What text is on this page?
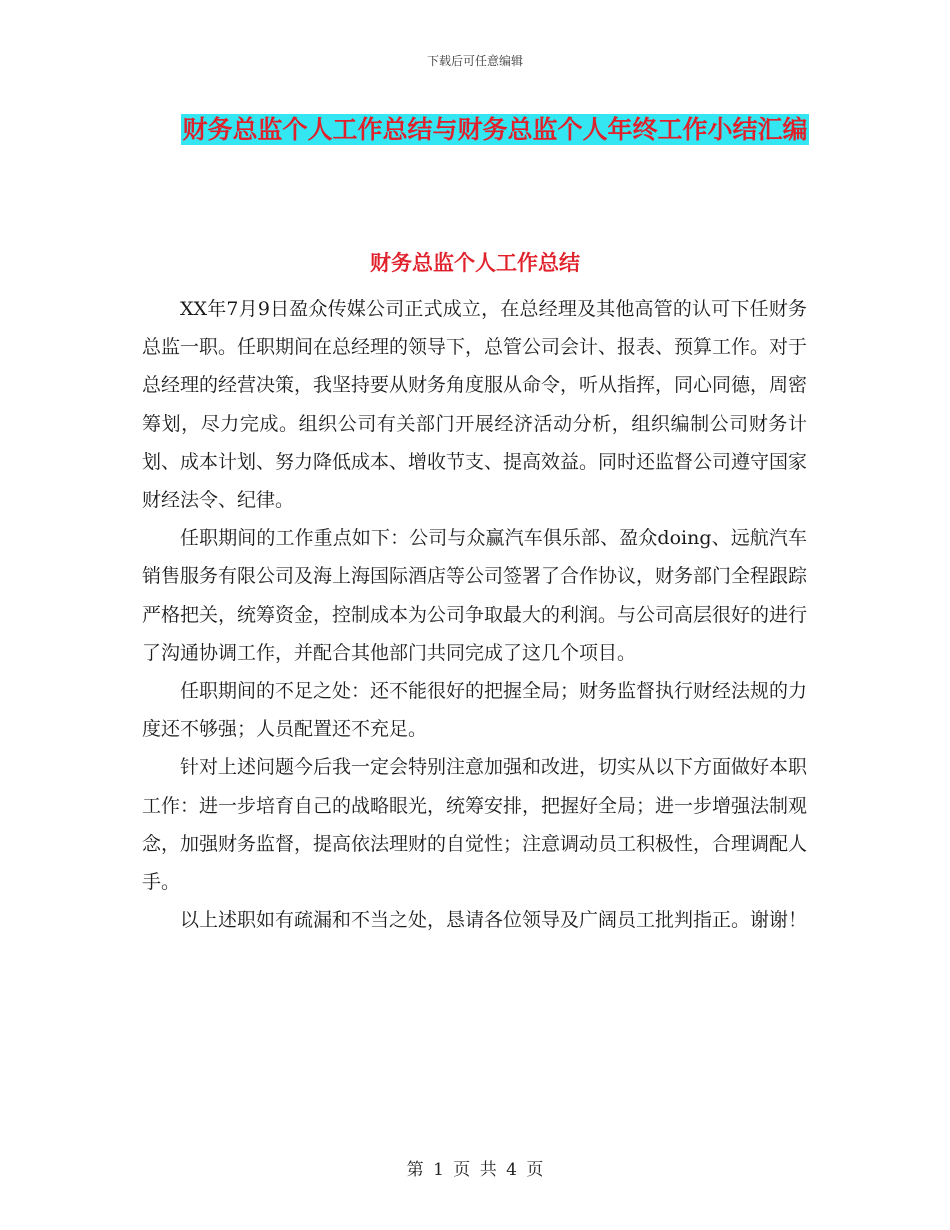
下载后可任意编辑
财务总监个人工作总结与财务总监个人年终工作小结汇编
财务总监个人工作总结

XX年7月9日盈众传媒公司正式成立，在总经理及其他高管的认可下任财务总监一职。任职期间在总经理的领导下，总管公司会计、报表、预算工作。对于总经理的经营决策，我坚持要从财务角度服从命令，听从指挥，同心同德，周密筹划，尽力完成。组织公司有关部门开展经济活动分析，组织编制公司财务计划、成本计划、努力降低成本、增收节支、提高效益。同时还监督公司遵守国家财经法令、纪律。

任职期间的工作重点如下：公司与众赢汽车俱乐部、盈众doing、远航汽车销售服务有限公司及海上海国际酒店等公司签署了合作协议，财务部门全程跟踪严格把关，统筹资金，控制成本为公司争取最大的利润。与公司高层很好的进行了沟通协调工作，并配合其他部门共同完成了这几个项目。

任职期间的不足之处：还不能很好的把握全局；财务监督执行财经法规的力度还不够强；人员配置还不充足。

针对上述问题今后我一定会特别注意加强和改进，切实从以下方面做好本职工作：进一步培育自己的战略眼光，统筹安排，把握好全局；进一步增强法制观念，加强财务监督，提高依法理财的自觉性；注意调动员工积极性，合理调配人手。

以上述职如有疏漏和不当之处，恳请各位领导及广阔员工批判指正。谢谢！

第 1 页 共 4 页
